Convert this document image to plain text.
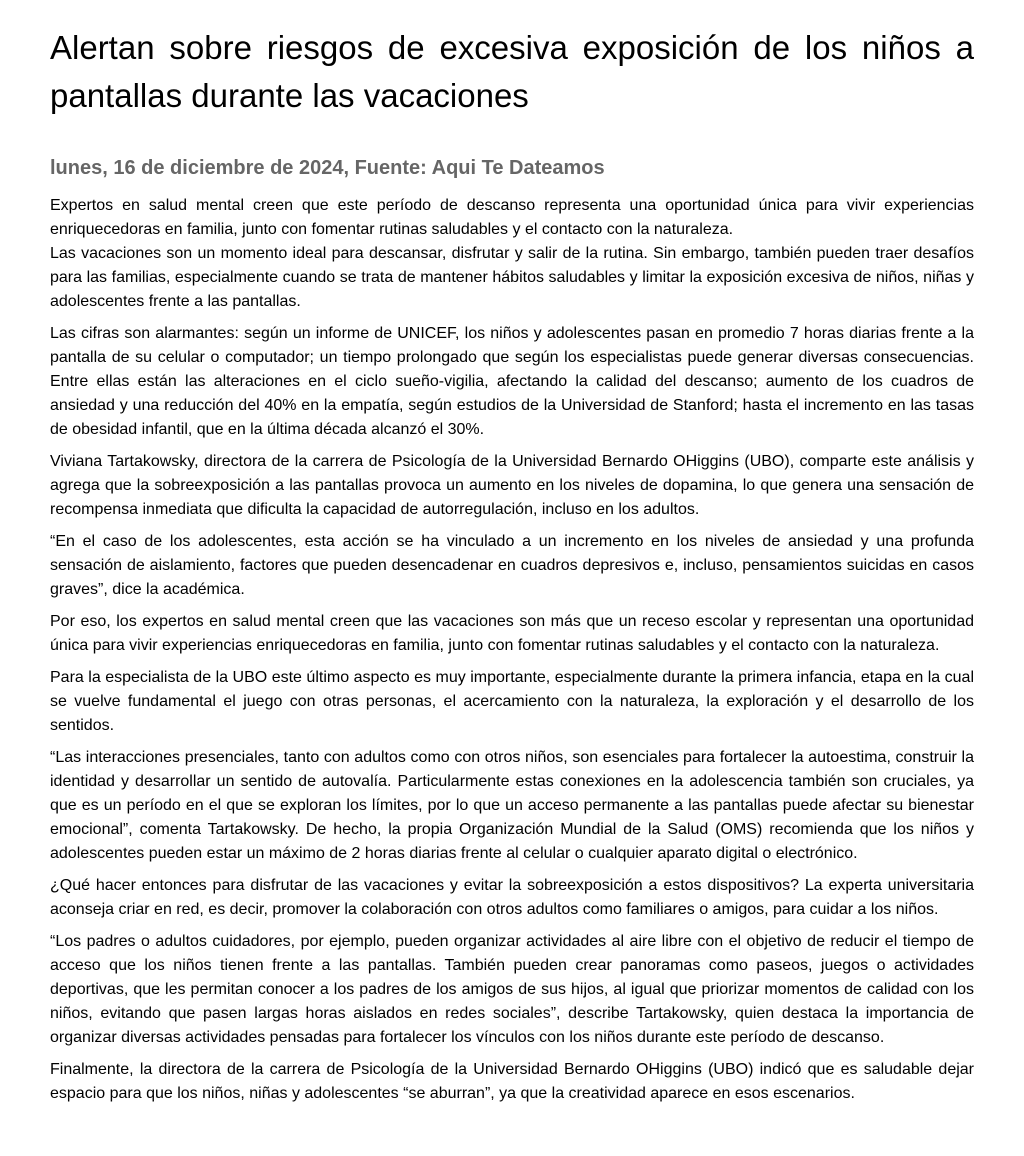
Alertan sobre riesgos de excesiva exposición de los niños a pantallas durante las vacaciones
lunes, 16 de diciembre de 2024, Fuente: Aqui Te Dateamos

Expertos en salud mental creen que este período de descanso representa una oportunidad única para vivir experiencias enriquecedoras en familia, junto con fomentar rutinas saludables y el contacto con la naturaleza.

Las vacaciones son un momento ideal para descansar, disfrutar y salir de la rutina. Sin embargo, también pueden traer desafíos para las familias, especialmente cuando se trata de mantener hábitos saludables y limitar la exposición excesiva de niños, niñas y adolescentes frente a las pantallas.

Las cifras son alarmantes: según un informe de UNICEF, los niños y adolescentes pasan en promedio 7 horas diarias frente a la pantalla de su celular o computador; un tiempo prolongado que según los especialistas puede generar diversas consecuencias. Entre ellas están las alteraciones en el ciclo sueño-vigilia, afectando la calidad del descanso; aumento de los cuadros de ansiedad y una reducción del 40% en la empatía, según estudios de la Universidad de Stanford; hasta el incremento en las tasas de obesidad infantil, que en la última década alcanzó el 30%.

Viviana Tartakowsky, directora de la carrera de Psicología de la Universidad Bernardo OHiggins (UBO), comparte este análisis y agrega que la sobreexposición a las pantallas provoca un aumento en los niveles de dopamina, lo que genera una sensación de recompensa inmediata que dificulta la capacidad de autorregulación, incluso en los adultos.

“En el caso de los adolescentes, esta acción se ha vinculado a un incremento en los niveles de ansiedad y una profunda sensación de aislamiento, factores que pueden desencadenar en cuadros depresivos e, incluso, pensamientos suicidas en casos graves”, dice la académica.

Por eso, los expertos en salud mental creen que las vacaciones son más que un receso escolar y representan una oportunidad única para vivir experiencias enriquecedoras en familia, junto con fomentar rutinas saludables y el contacto con la naturaleza.

Para la especialista de la UBO este último aspecto es muy importante, especialmente durante la primera infancia, etapa en la cual se vuelve fundamental el juego con otras personas, el acercamiento con la naturaleza, la exploración y el desarrollo de los sentidos.

“Las interacciones presenciales, tanto con adultos como con otros niños, son esenciales para fortalecer la autoestima, construir la identidad y desarrollar un sentido de autovalía. Particularmente estas conexiones en la adolescencia también son cruciales, ya que es un período en el que se exploran los límites, por lo que un acceso permanente a las pantallas puede afectar su bienestar emocional”, comenta Tartakowsky. De hecho, la propia Organización Mundial de la Salud (OMS) recomienda que los niños y adolescentes pueden estar un máximo de 2 horas diarias frente al celular o cualquier aparato digital o electrónico.

¿Qué hacer entonces para disfrutar de las vacaciones y evitar la sobreexposición a estos dispositivos? La experta universitaria aconseja criar en red, es decir, promover la colaboración con otros adultos como familiares o amigos, para cuidar a los niños.

“Los padres o adultos cuidadores, por ejemplo, pueden organizar actividades al aire libre con el objetivo de reducir el tiempo de acceso que los niños tienen frente a las pantallas. También pueden crear panoramas como paseos, juegos o actividades deportivas, que les permitan conocer a los padres de los amigos de sus hijos, al igual que priorizar momentos de calidad con los niños, evitando que pasen largas horas aislados en redes sociales”, describe Tartakowsky, quien destaca la importancia de organizar diversas actividades pensadas para fortalecer los vínculos con los niños durante este período de descanso.

Finalmente, la directora de la carrera de Psicología de la Universidad Bernardo OHiggins (UBO) indicó que es saludable dejar espacio para que los niños, niñas y adolescentes “se aburran”, ya que la creatividad aparece en esos escenarios.
